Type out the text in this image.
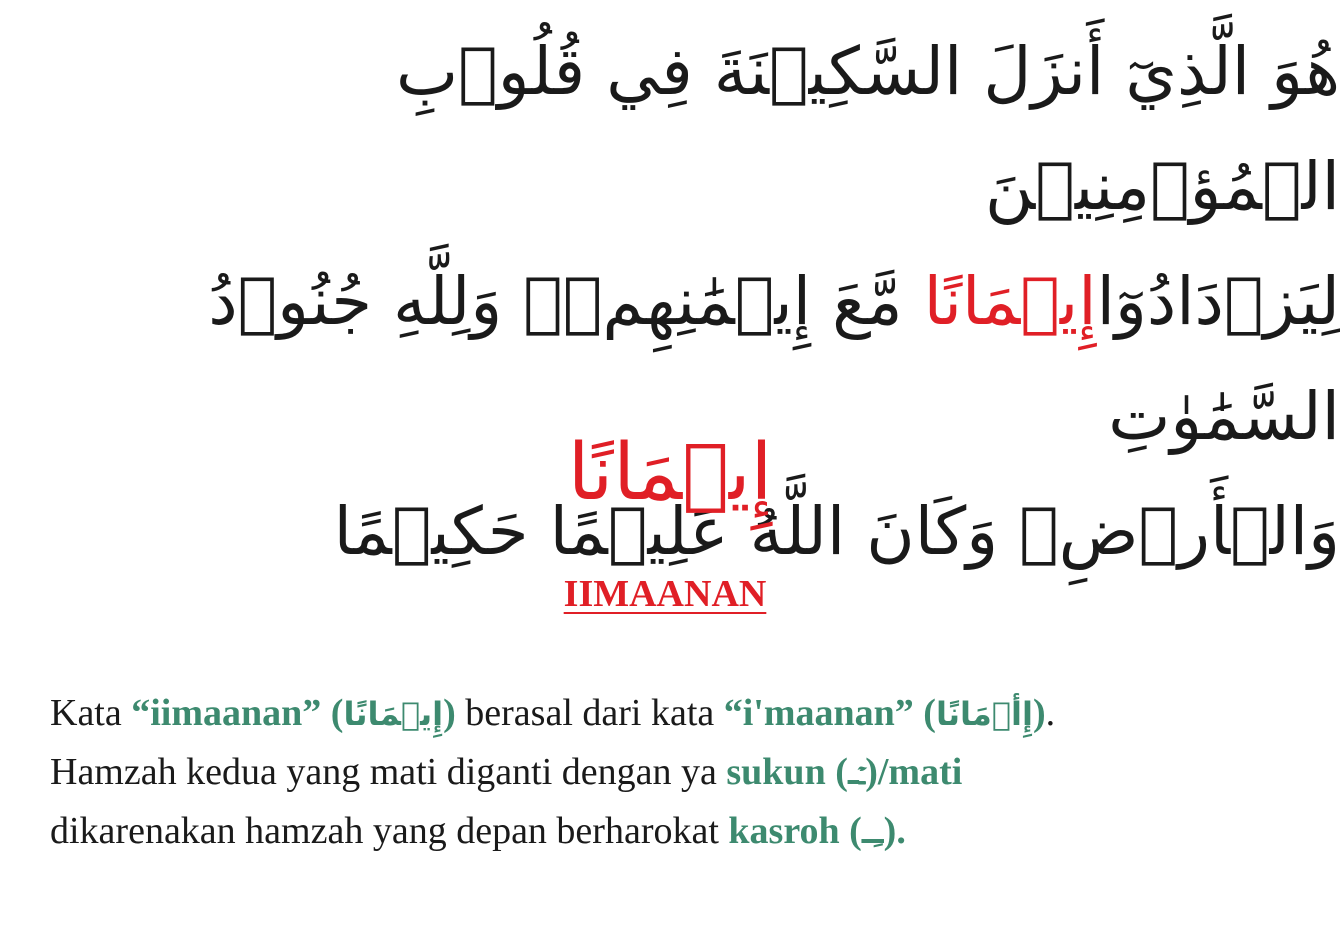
هُوَ الَّذِيٓ أَنزَلَ السَّكِيۡنَةَ فِي قُلُوۡبِ الۡمُؤۡمِنِيۡنَ
لِيَزۡدَادُوٓاإِيۡمَانًا مَّعَ إِيۡمَٰنِهِمۡۗ وَلِلَّهِ جُنُوۡدُ السَّمَٰوٰتِ
وَالۡأَرۡضِۚ وَكَانَ اللَّهُ عَلِيۡمًا حَكِيۡمًا
إِيۡمَانًا
IIMAANAN
Kata “iimaanan” (إِيۡمَانًا) berasal dari kata “i'maanan” (إِأۡمَانًا).
Hamzah kedua yang mati diganti dengan ya sukun (ـۡـ)/mati
dikarenakan hamzah yang depan berharokat kasroh (ـِـ).
